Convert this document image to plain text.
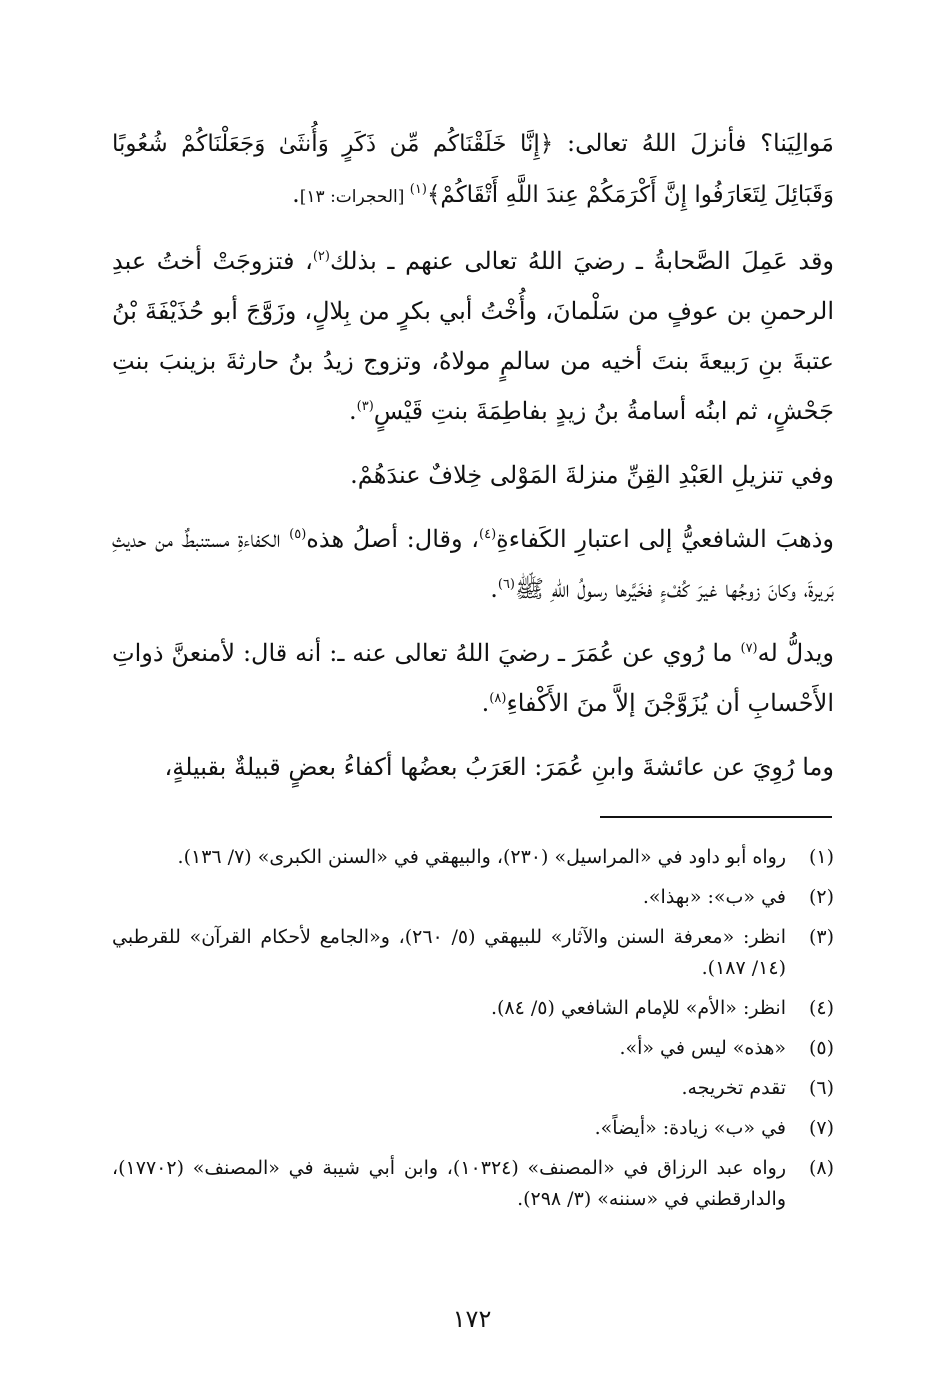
مَوالِيَنا؟ فأنزلَ اللهُ تعالى: ﴿إِنَّا خَلَقْنَاكُم مِّن ذَكَرٍ وَأُنثَىٰ وَجَعَلْنَاكُمْ شُعُوبًا وَقَبَائِلَ لِتَعَارَفُوا إِنَّ أَكْرَمَكُمْ عِندَ اللَّهِ أَتْقَاكُمْ﴾$^{(١)}$ [الحجرات: ١٣].

وقد عَمِلَ الصَّحابةُ ـ رضيَ اللهُ تعالى عنهم ـ بذلك$^{(٢)}$، فتزوجَتْ أختُ عبدِ الرحمنِ بن عوفٍ من سَلْمانَ، وأُخْتُ أبي بكرٍ من بِلالٍ، وزَوَّجَ أبو حُذَيْفَةَ بْنُ عتبةَ بنِ رَبيعةَ بنتَ أخيه من سالمٍ مولاهُ، وتزوج زيدُ بنُ حارثةَ بزينبَ بنتِ جَحْشٍ، ثم ابنُه أسامةُ بنُ زيدٍ بفاطِمَةَ بنتِ قَيْسٍ$^{(٣)}$.

وفي تنزيلِ العَبْدِ القِنِّ منزلةَ المَوْلى خِلافٌ عندَهُمْ.

وذهبَ الشافعيُّ إلى اعتبارِ الكَفاءةِ$^{(٤)}$، وقال: أصلُ هذه$^{(٥)}$ الكفاءةِ مستنبطٌ من حديثِ بَريرةَ، وكانَ زوجُها غيرَ كُفْءٍ فخَيَّرها رسولُ اللهِ ﷺ$^{(٦)}$.

ويدلُّ له$^{(٧)}$ ما رُوي عن عُمَرَ ـ رضيَ اللهُ تعالى عنه ـ: أنه قال: لأمنعنَّ ذواتِ الأَحْسابِ أن يُزَوَّجْنَ إلاَّ منَ الأَكْفاءِ$^{(٨)}$.

وما رُوِيَ عن عائشةَ وابنِ عُمَرَ: العَرَبُ بعضُها أكفاءُ بعضٍ قبيلةٌ بقبيلةٍ،

(١)
رواه أبو داود في «المراسيل» (٢٣٠)، والبيهقي في «السنن الكبرى» (٧/ ١٣٦).
(٢)
في «ب»: «بهذا».
(٣)
انظر: «معرفة السنن والآثار» للبيهقي (٥/ ٢٦٠)، و«الجامع لأحكام القرآن» للقرطبي (١٤/ ١٨٧).
(٤)
انظر: «الأم» للإمام الشافعي (٥/ ٨٤).
(٥)
«هذه» ليس في «أ».
(٦)
تقدم تخريجه.
(٧)
في «ب» زيادة: «أيضاً».
(٨)
رواه عبد الرزاق في «المصنف» (١٠٣٢٤)، وابن أبي شيبة في «المصنف» (١٧٧٠٢)، والدارقطني في «سننه» (٣/ ٢٩٨).
١٧٢
